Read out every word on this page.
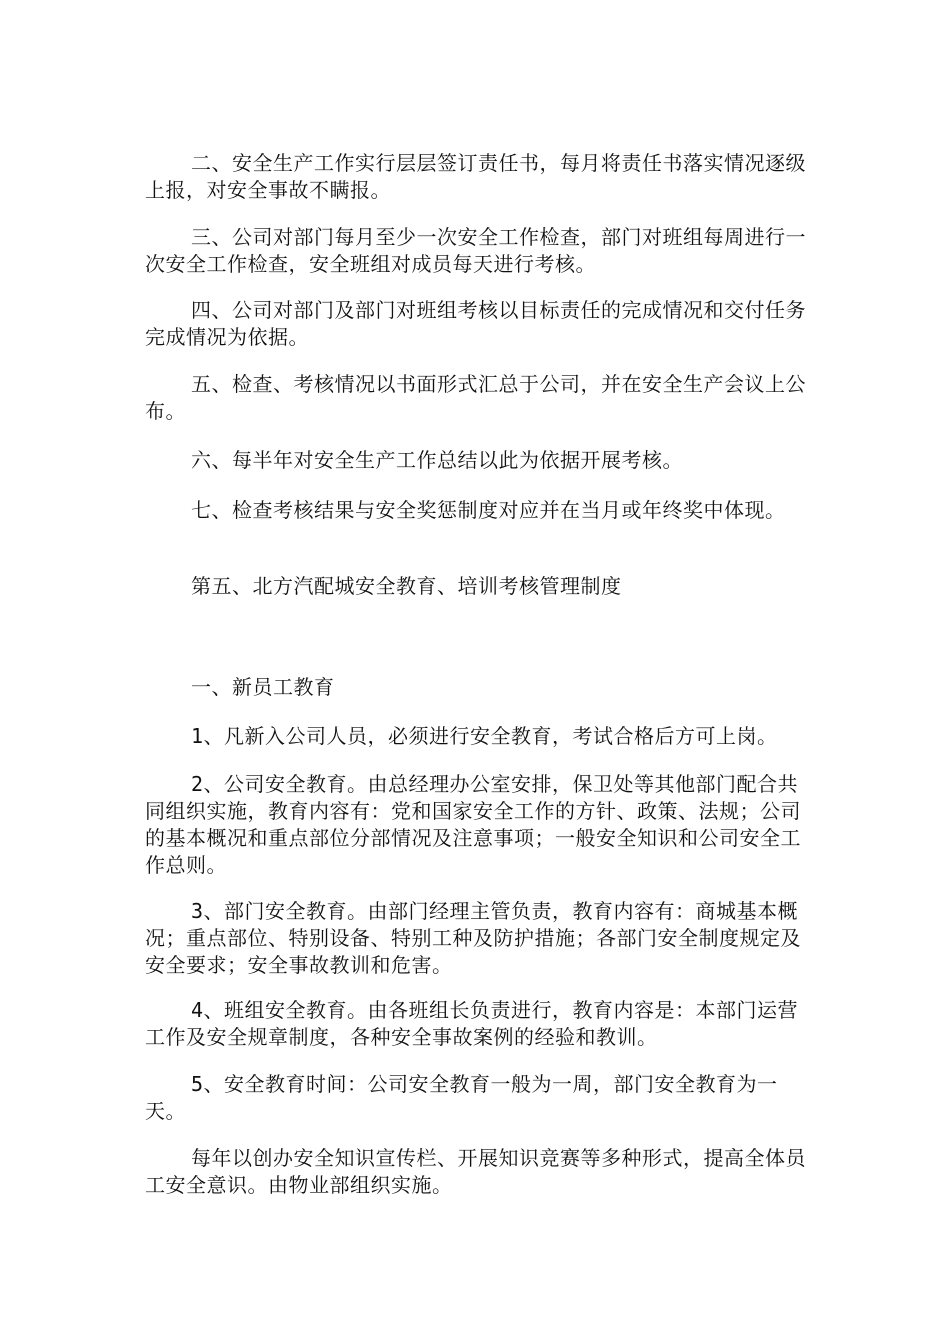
二、安全生产工作实行层层签订责任书，每月将责任书落实情况逐级上报，对安全事故不瞒报。

三、公司对部门每月至少一次安全工作检查，部门对班组每周进行一次安全工作检查，安全班组对成员每天进行考核。

四、公司对部门及部门对班组考核以目标责任的完成情况和交付任务完成情况为依据。

五、检查、考核情况以书面形式汇总于公司，并在安全生产会议上公布。

六、每半年对安全生产工作总结以此为依据开展考核。

七、检查考核结果与安全奖惩制度对应并在当月或年终奖中体现。

第五、北方汽配城安全教育、培训考核管理制度

一、新员工教育

1、凡新入公司人员，必须进行安全教育，考试合格后方可上岗。

2、公司安全教育。由总经理办公室安排，保卫处等其他部门配合共同组织实施，教育内容有：党和国家安全工作的方针、政策、法规；公司的基本概况和重点部位分部情况及注意事项；一般安全知识和公司安全工作总则。

3、部门安全教育。由部门经理主管负责，教育内容有：商城基本概况；重点部位、特别设备、特别工种及防护措施；各部门安全制度规定及安全要求；安全事故教训和危害。

4、班组安全教育。由各班组长负责进行，教育内容是：本部门运营工作及安全规章制度，各种安全事故案例的经验和教训。

5、安全教育时间：公司安全教育一般为一周，部门安全教育为一天。

每年以创办安全知识宣传栏、开展知识竞赛等多种形式，提高全体员工安全意识。由物业部组织实施。
